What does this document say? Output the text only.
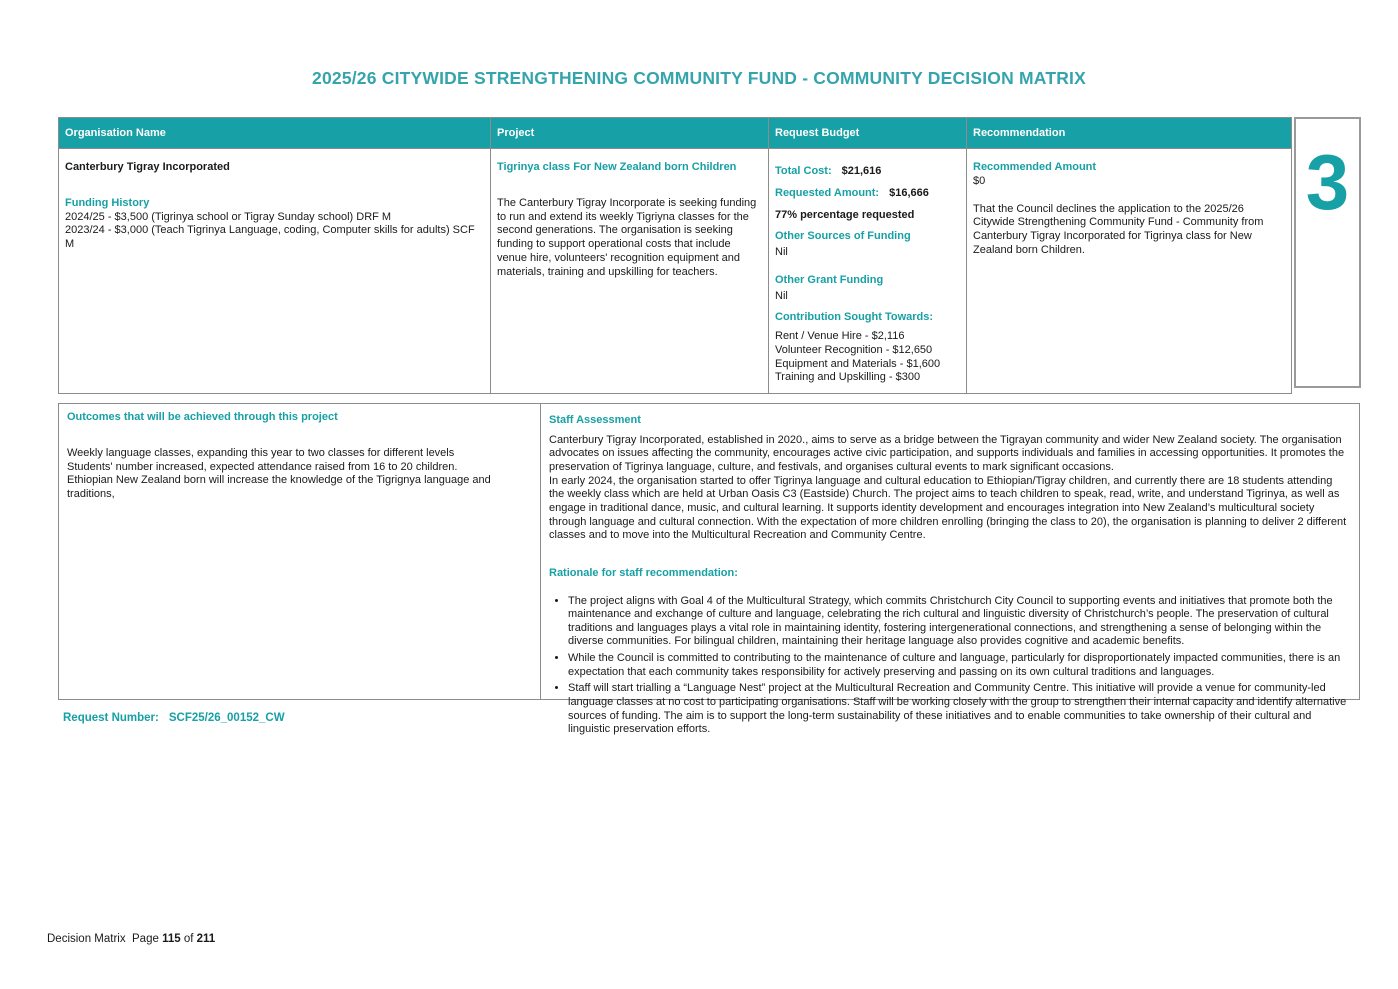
2025/26 CITYWIDE STRENGTHENING COMMUNITY FUND - COMMUNITY DECISION MATRIX
Organisation Name	Project	Request Budget	Recommendation

Canterbury Tigray Incorporated
Funding History
2024/25 - $3,500 (Tigrinya school or Tigray Sunday school) DRF M
2023/24 - $3,000 (Teach Tigrinya Language, coding, Computer skills for adults) SCF M

Tigrinya class For New Zealand born Children
The Canterbury Tigray Incorporate is seeking funding to run and extend its weekly Tigriyna classes for the second generations. The organisation is seeking funding to support operational costs that include venue hire, volunteers' recognition equipment and materials, training and upskilling for teachers.

Total Cost: $21,616
Requested Amount: $16,666
77% percentage requested
Other Sources of Funding
Nil
Other Grant Funding
Nil
Contribution Sought Towards:
Rent / Venue Hire - $2,116
Volunteer Recognition - $12,650
Equipment and Materials - $1,600
Training and Upskilling - $300

Recommended Amount
$0
That the Council declines the application to the 2025/26 Citywide Strengthening Community Fund - Community from Canterbury Tigray Incorporated for Tigrinya class for New Zealand born Children.
3
Outcomes that will be achieved through this project
Weekly language classes, expanding this year to two classes for different levels
Students' number increased, expected attendance raised from 16 to 20 children.
Ethiopian New Zealand born will increase the knowledge of the Tigrignya language and traditions,
Staff Assessment

Canterbury Tigray Incorporated, established in 2020., aims to serve as a bridge between the Tigrayan community and wider New Zealand society. The organisation advocates on issues affecting the community, encourages active civic participation, and supports individuals and families in accessing opportunities. It promotes the preservation of Tigrinya language, culture, and festivals, and organises cultural events to mark significant occasions.

In early 2024, the organisation started to offer Tigrinya language and cultural education to Ethiopian/Tigray children, and currently there are 18 students attending the weekly class which are held at Urban Oasis C3 (Eastside) Church. The project aims to teach children to speak, read, write, and understand Tigrinya, as well as engage in traditional dance, music, and cultural learning. It supports identity development and encourages integration into New Zealand’s multicultural society through language and cultural connection. With the expectation of more children enrolling (bringing the class to 20), the organisation is planning to deliver 2 different classes and to move into the Multicultural Recreation and Community Centre.

Rationale for staff recommendation:
• The project aligns with Goal 4 of the Multicultural Strategy, which commits Christchurch City Council to supporting events and initiatives that promote both the maintenance and exchange of culture and language, celebrating the rich cultural and linguistic diversity of Christchurch’s people. The preservation of cultural traditions and languages plays a vital role in maintaining identity, fostering intergenerational connections, and strengthening a sense of belonging within the diverse communities. For bilingual children, maintaining their heritage language also provides cognitive and academic benefits.
• While the Council is committed to contributing to the maintenance of culture and language, particularly for disproportionately impacted communities, there is an expectation that each community takes responsibility for actively preserving and passing on its own cultural traditions and languages.
• Staff will start trialling a “Language Nest” project at the Multicultural Recreation and Community Centre. This initiative will provide a venue for community-led language classes at no cost to participating organisations. Staff will be working closely with the group to strengthen their internal capacity and identify alternative sources of funding. The aim is to support the long-term sustainability of these initiatives and to enable communities to take ownership of their cultural and linguistic preservation efforts.
Request Number: SCF25/26_00152_CW
Decision Matrix Page 115 of 211
